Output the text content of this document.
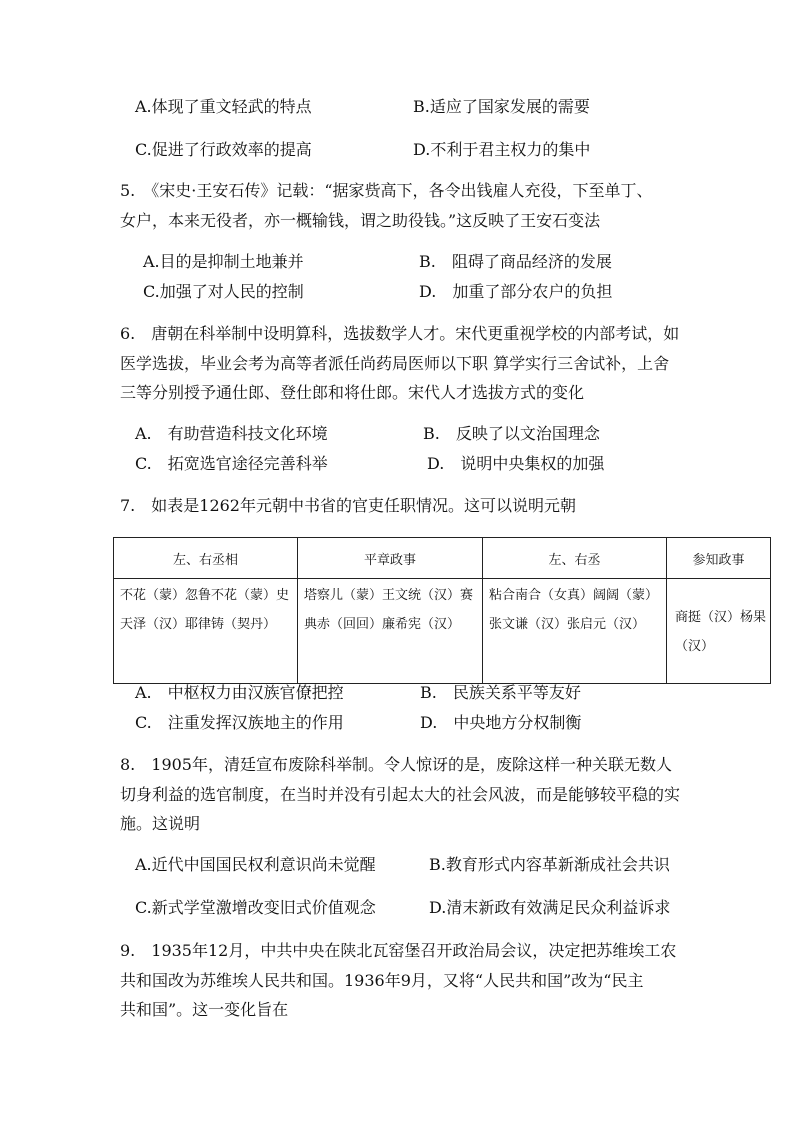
A.体现了重文轻武的特点	B.适应了国家发展的需要
C.促进了行政效率的提高	D.不利于君主权力的集中
5.　《宋史·王安石传》记载：“据家赀高下，各令出钱雇人充役，下至单丁、
女户，本来无役者，亦一概输钱，谓之助役钱。”这反映了王安石变法
A.目的是抑制土地兼并	B.　阻碍了商品经济的发展
C.加强了对人民的控制	D.　加重了部分农户的负担
6.　唐朝在科举制中设明算科，选拔数学人才。宋代更重视学校的内部考试，如
医学选拔，毕业会考为高等者派任尚药局医师以下职 算学实行三舍试补，上舍
三等分别授予通仕郎、登仕郎和将仕郎。宋代人才选拔方式的变化
A.　有助营造科技文化环境	B.　反映了以文治国理念
C.　拓宽选官途径完善科举	D.　说明中央集权的加强
7.　如表是1262年元朝中书省的官吏任职情况。这可以说明元朝
左、右丞相	平章政事	左、右丞	参知政事
不花（蒙）忽鲁不花（蒙）史天泽（汉）耶律铸（契丹）	塔察儿（蒙）王文统（汉）赛典赤（回回）廉希宪（汉）	粘合南合（女真）阔阔（蒙）张文谦（汉）张启元（汉）	商挺（汉）杨果（汉）
A.　中枢权力由汉族官僚把控	B.　民族关系平等友好
C.　注重发挥汉族地主的作用	D.　中央地方分权制衡
8.　1905年，清廷宣布废除科举制。令人惊讶的是，废除这样一种关联无数人
切身利益的选官制度，在当时并没有引起太大的社会风波，而是能够较平稳的实
施。这说明
A.近代中国国民权利意识尚未觉醒	B.教育形式内容革新渐成社会共识
C.新式学堂激增改变旧式价值观念	D.清末新政有效满足民众利益诉求
9.　1935年12月，中共中央在陕北瓦窑堡召开政治局会议，决定把苏维埃工农
共和国改为苏维埃人民共和国。1936年9月，又将“人民共和国”改为“民主
共和国”。这一变化旨在
